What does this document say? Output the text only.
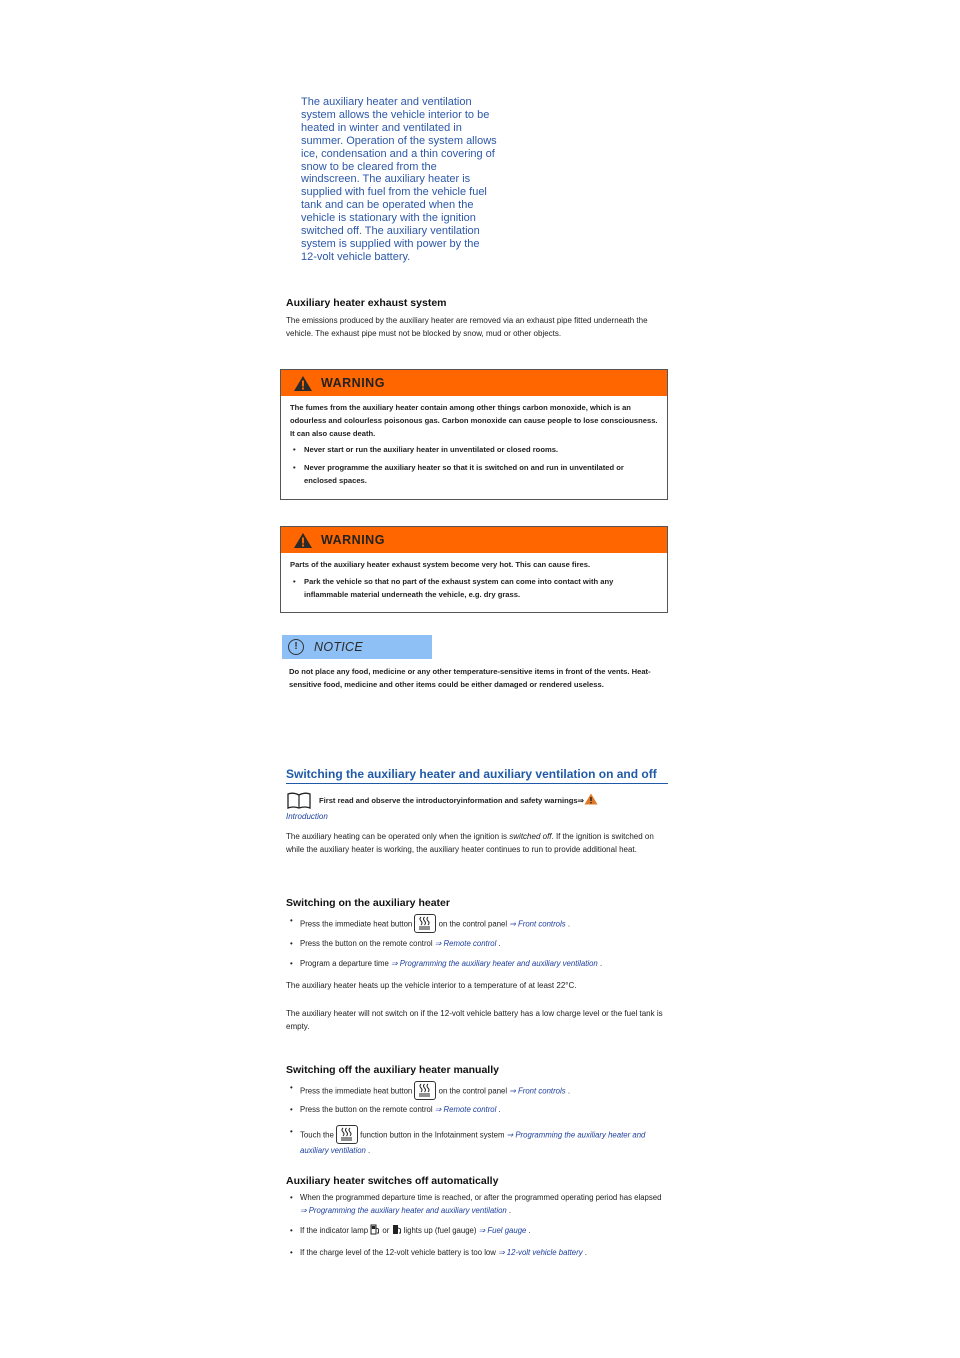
The auxiliary heater and ventilation system allows the vehicle interior to be heated in winter and ventilated in summer. Operation of the system allows ice, condensation and a thin covering of snow to be cleared from the windscreen. The auxiliary heater is supplied with fuel from the vehicle fuel tank and can be operated when the vehicle is stationary with the ignition switched off. The auxiliary ventilation system is supplied with power by the 12-volt vehicle battery.
Auxiliary heater exhaust system
The emissions produced by the auxiliary heater are removed via an exhaust pipe fitted underneath the vehicle. The exhaust pipe must not be blocked by snow, mud or other objects.
WARNING
The fumes from the auxiliary heater contain among other things carbon monoxide, which is an odourless and colourless poisonous gas. Carbon monoxide can cause people to lose consciousness. It can also cause death.
• Never start or run the auxiliary heater in unventilated or closed rooms.
• Never programme the auxiliary heater so that it is switched on and run in unventilated or enclosed spaces.
WARNING
Parts of the auxiliary heater exhaust system become very hot. This can cause fires.
• Park the vehicle so that no part of the exhaust system can come into contact with any inflammable material underneath the vehicle, e.g. dry grass.
!	NOTICE
Do not place any food, medicine or any other temperature-sensitive items in front of the vents. Heat-sensitive food, medicine and other items could be either damaged or rendered useless.
Switching the auxiliary heater and auxiliary ventilation on and off
First read and observe the introductoryinformation and safety warnings⇒
Introduction
The auxiliary heating can be operated only when the ignition is switched off. If the ignition is switched on while the auxiliary heater is working, the auxiliary heater continues to run to provide additional heat.
Switching on the auxiliary heater
• Press the immediate heat button	on the control panel ⇒ Front controls .
• Press the button on the remote control ⇒ Remote control .
• Program a departure time ⇒ Programming the auxiliary heater and auxiliary ventilation .
The auxiliary heater heats up the vehicle interior to a temperature of at least 22°C.
The auxiliary heater will not switch on if the 12-volt vehicle battery has a low charge level or the fuel tank is empty.
Switching off the auxiliary heater manually
• Press the immediate heat button	on the control panel ⇒ Front controls .
• Press the button on the remote control ⇒ Remote control .
• Touch the	function button in the Infotainment system ⇒ Programming the auxiliary heater and auxiliary ventilation .
Auxiliary heater switches off automatically
• When the programmed departure time is reached, or after the programmed operating period has elapsed ⇒ Programming the auxiliary heater and auxiliary ventilation .
• If the indicator lamp or lights up (fuel gauge) ⇒ Fuel gauge .
• If the charge level of the 12-volt vehicle battery is too low ⇒ 12-volt vehicle battery .
